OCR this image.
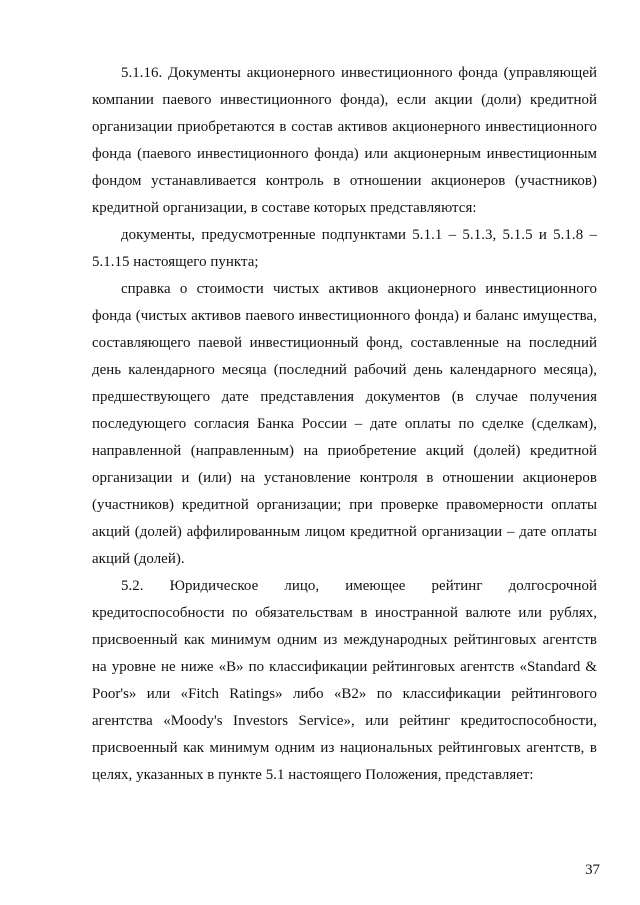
5.1.16. Документы акционерного инвестиционного фонда (управляющей компании паевого инвестиционного фонда), если акции (доли) кредитной организации приобретаются в состав активов акционерного инвестиционного фонда (паевого инвестиционного фонда) или акционерным инвестиционным фондом устанавливается контроль в отношении акционеров (участников) кредитной организации, в составе которых представляются:

документы, предусмотренные подпунктами 5.1.1 – 5.1.3, 5.1.5 и 5.1.8 – 5.1.15 настоящего пункта;

справка о стоимости чистых активов акционерного инвестиционного фонда (чистых активов паевого инвестиционного фонда) и баланс имущества, составляющего паевой инвестиционный фонд, составленные на последний день календарного месяца (последний рабочий день календарного месяца), предшествующего дате представления документов (в случае получения последующего согласия Банка России – дате оплаты по сделке (сделкам), направленной (направленным) на приобретение акций (долей) кредитной организации и (или) на установление контроля в отношении акционеров (участников) кредитной организации; при проверке правомерности оплаты акций (долей) аффилированным лицом кредитной организации – дате оплаты акций (долей).

5.2. Юридическое лицо, имеющее рейтинг долгосрочной кредитоспособности по обязательствам в иностранной валюте или рублях, присвоенный как минимум одним из международных рейтинговых агентств на уровне не ниже «B» по классификации рейтинговых агентств «Standard & Poor's» или «Fitch Ratings» либо «B2» по классификации рейтингового агентства «Moody's Investors Service», или рейтинг кредитоспособности, присвоенный как минимум одним из национальных рейтинговых агентств, в целях, указанных в пункте 5.1 настоящего Положения, представляет:

37
